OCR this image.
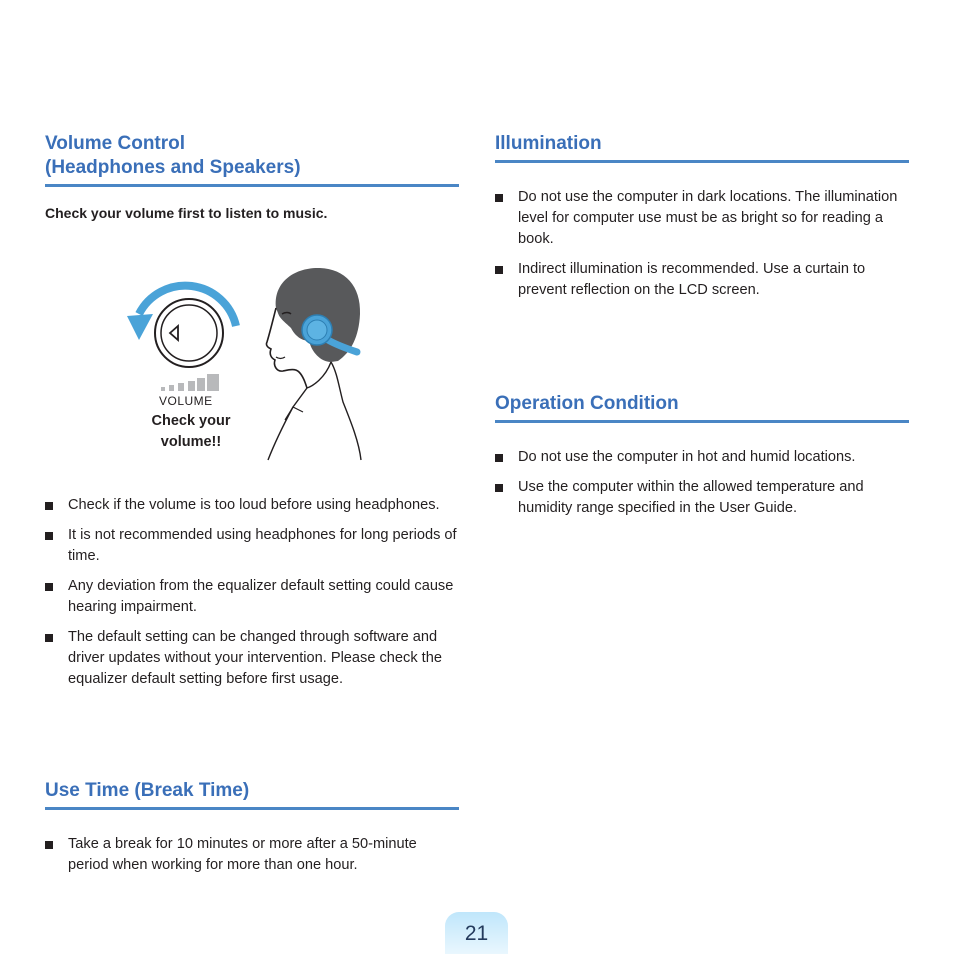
Volume Control
(Headphones and Speakers)

Check your volume first to listen to music.

VOLUME
Check your volume!!
Check if the volume is too loud before using headphones.
It is not recommended using headphones for long periods of time.
Any deviation from the equalizer default setting could cause hearing impairment.
The default setting can be changed through software and driver updates without your intervention. Please check the equalizer default setting before first usage.
Use Time (Break Time)
Take a break for 10 minutes or more after a 50-minute period when working for more than one hour.
Illumination
Do not use the computer in dark locations. The illumination level for computer use must be as bright so for reading a book.
Indirect illumination is recommended. Use a curtain to prevent reflection on the LCD screen.
Operation Condition
Do not use the computer in hot and humid locations.
Use the computer within the allowed temperature and humidity range specified in the User Guide.
21
